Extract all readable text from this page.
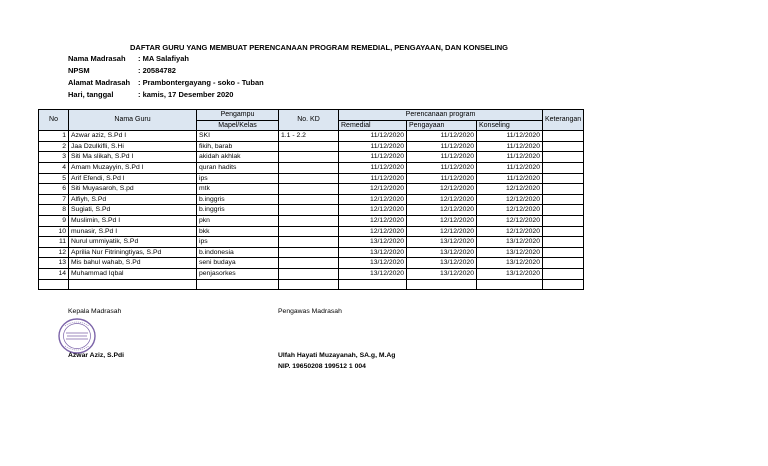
DAFTAR GURU YANG MEMBUAT PERENCANAAN PROGRAM REMEDIAL, PENGAYAAN, DAN KONSELING
Nama Madrasah : MA Salafiyah
NPSM	: 20584782
Alamat Madrasah : Prambontergayang - soko - Tuban
Hari, tanggal	: kamis, 17 Desember 2020
No	Nama Guru	Pengampu	No. KD	Perencanaan program			Keterangan
		Mapel/Kelas		Remedial	Pengayaan	Konseling	
1	Azwar aziz, S.Pd I	SKI	1.1 - 2.2	11/12/2020	11/12/2020	11/12/2020	
2	Jaa Dzulkifli, S.Hi	fikih, barab		11/12/2020	11/12/2020	11/12/2020	
3	Siti Ma slikah, S.Pd I	akidah akhlak		11/12/2020	11/12/2020	11/12/2020	
4	Amam Muzayyin, S.Pd I	quran hadits		11/12/2020	11/12/2020	11/12/2020	
5	Arif Efendi, S.Pd I	ips		11/12/2020	11/12/2020	11/12/2020	
6	Siti Muyasaroh, S.pd	mtk		12/12/2020	12/12/2020	12/12/2020	
7	Alfiyh, S.Pd	b.inggris		12/12/2020	12/12/2020	12/12/2020	
8	Sugiati, S.Pd	b.inggris		12/12/2020	12/12/2020	12/12/2020	
9	Muslimin, S.Pd I	pkn		12/12/2020	12/12/2020	12/12/2020	
10	munasir, S.Pd I	bkk		12/12/2020	12/12/2020	12/12/2020	
11	Nurul ummiyatik, S.Pd	ips		13/12/2020	13/12/2020	13/12/2020	
12	Aprilia Nur Fitriningtiyas, S.Pd	b.indonesia		13/12/2020	13/12/2020	13/12/2020	
13	Mis bahul wahab, S.Pd	seni budaya		13/12/2020	13/12/2020	13/12/2020	
14	Muhammad Iqbal	penjasorkes		13/12/2020	13/12/2020	13/12/2020	

Kepala Madrasah
Azwar Aziz, S.Pdi
Pengawas Madrasah
Ulfah Hayati Muzayanah, SA.g, M.Ag
NIP. 19650208 199512 1 004
